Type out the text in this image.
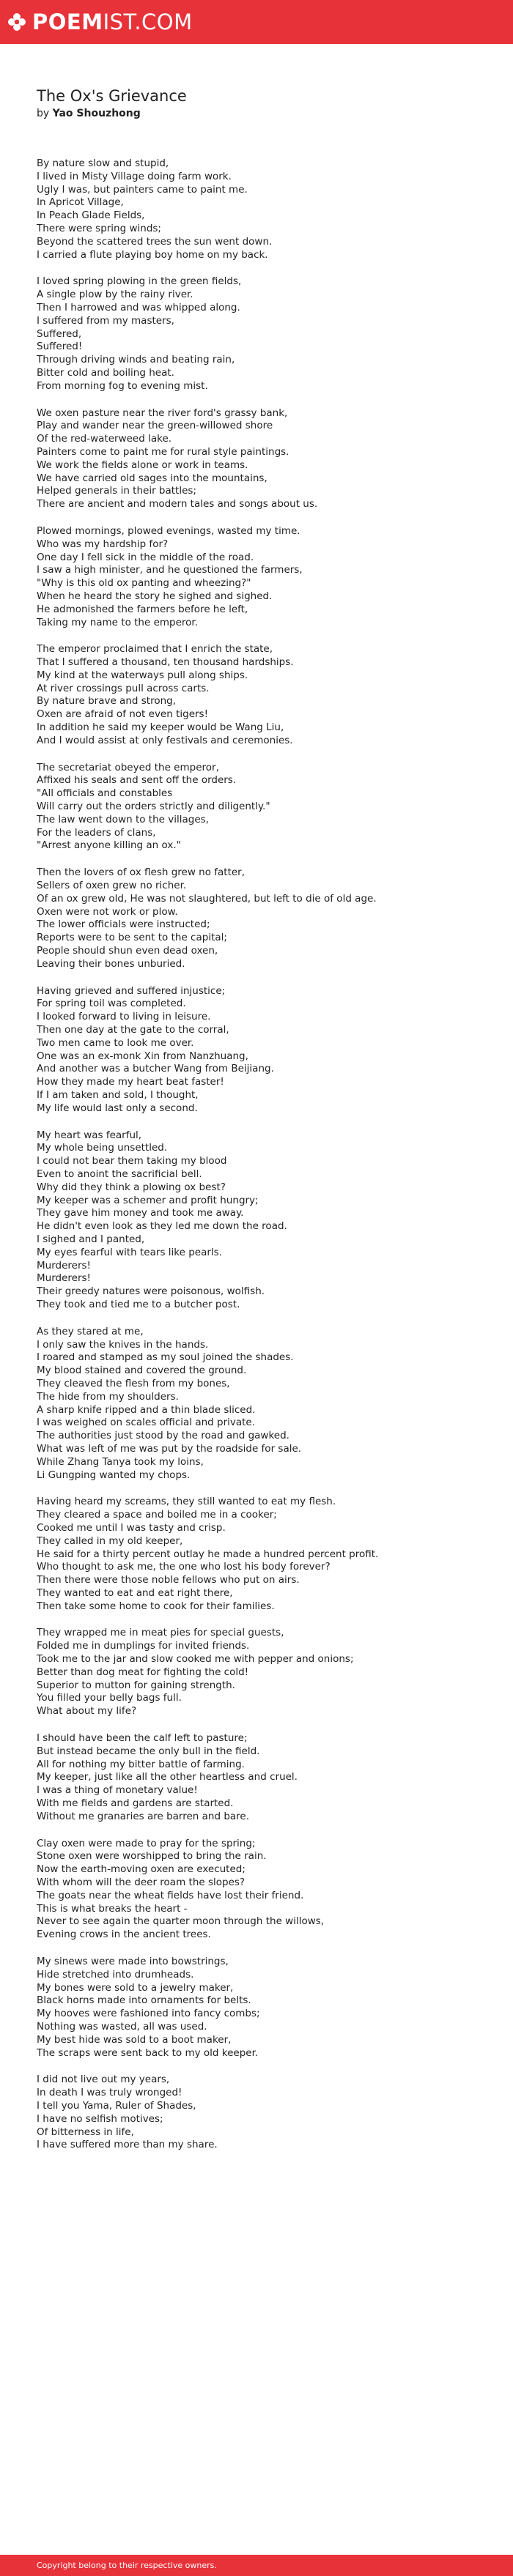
POEMIST.COM
The Ox's Grievance
by Yao Shouzhong
By nature slow and stupid,
I lived in Misty Village doing farm work.
Ugly I was, but painters came to paint me.
In Apricot Village,
In Peach Glade Fields,
There were spring winds;
Beyond the scattered trees the sun went down.
I carried a flute playing boy home on my back.
I loved spring plowing in the green fields,
A single plow by the rainy river.
Then I harrowed and was whipped along.
I suffered from my masters,
Suffered,
Suffered!
Through driving winds and beating rain,
Bitter cold and boiling heat.
From morning fog to evening mist.
We oxen pasture near the river ford's grassy bank,
Play and wander near the green-willowed shore
Of the red-waterweed lake.
Painters come to paint me for rural style paintings.
We work the fields alone or work in teams.
We have carried old sages into the mountains,
Helped generals in their battles;
There are ancient and modern tales and songs about us.
Plowed mornings, plowed evenings, wasted my time.
Who was my hardship for?
One day I fell sick in the middle of the road.
I saw a high minister, and he questioned the farmers,
"Why is this old ox panting and wheezing?"
When he heard the story he sighed and sighed.
He admonished the farmers before he left,
Taking my name to the emperor.
The emperor proclaimed that I enrich the state,
That I suffered a thousand, ten thousand hardships.
My kind at the waterways pull along ships.
At river crossings pull across carts.
By nature brave and strong,
Oxen are afraid of not even tigers!
In addition he said my keeper would be Wang Liu,
And I would assist at only festivals and ceremonies.
The secretariat obeyed the emperor,
Affixed his seals and sent off the orders.
"All officials and constables
Will carry out the orders strictly and diligently."
The law went down to the villages,
For the leaders of clans,
"Arrest anyone killing an ox."
Then the lovers of ox flesh grew no fatter,
Sellers of oxen grew no richer.
Of an ox grew old, He was not slaughtered, but left to die of old age.
Oxen were not work or plow.
The lower officials were instructed;
Reports were to be sent to the capital;
People should shun even dead oxen,
Leaving their bones unburied.
Having grieved and suffered injustice;
For spring toil was completed.
I looked forward to living in leisure.
Then one day at the gate to the corral,
Two men came to look me over.
One was an ex-monk Xin from Nanzhuang,
And another was a butcher Wang from Beijiang.
How they made my heart beat faster!
If I am taken and sold, I thought,
My life would last only a second.
My heart was fearful,
My whole being unsettled.
I could not bear them taking my blood
Even to anoint the sacrificial bell.
Why did they think a plowing ox best?
My keeper was a schemer and profit hungry;
They gave him money and took me away.
He didn't even look as they led me down the road.
I sighed and I panted,
My eyes fearful with tears like pearls.
Murderers!
Murderers!
Their greedy natures were poisonous, wolfish.
They took and tied me to a butcher post.
As they stared at me,
I only saw the knives in the hands.
I roared and stamped as my soul joined the shades.
My blood stained and covered the ground.
They cleaved the flesh from my bones,
The hide from my shoulders.
A sharp knife ripped and a thin blade sliced.
I was weighed on scales official and private.
The authorities just stood by the road and gawked.
What was left of me was put by the roadside for sale.
While Zhang Tanya took my loins,
Li Gungping wanted my chops.
Having heard my screams, they still wanted to eat my flesh.
They cleared a space and boiled me in a cooker;
Cooked me until I was tasty and crisp.
They called in my old keeper,
He said for a thirty percent outlay he made a hundred percent profit.
Who thought to ask me, the one who lost his body forever?
Then there were those noble fellows who put on airs.
They wanted to eat and eat right there,
Then take some home to cook for their families.
They wrapped me in meat pies for special guests,
Folded me in dumplings for invited friends.
Took me to the jar and slow cooked me with pepper and onions;
Better than dog meat for fighting the cold!
Superior to mutton for gaining strength.
You filled your belly bags full.
What about my life?
I should have been the calf left to pasture;
But instead became the only bull in the field.
All for nothing my bitter battle of farming.
My keeper, just like all the other heartless and cruel.
I was a thing of monetary value!
With me fields and gardens are started.
Without me granaries are barren and bare.
Clay oxen were made to pray for the spring;
Stone oxen were worshipped to bring the rain.
Now the earth-moving oxen are executed;
With whom will the deer roam the slopes?
The goats near the wheat fields have lost their friend.
This is what breaks the heart -
Never to see again the quarter moon through the willows,
Evening crows in the ancient trees.
My sinews were made into bowstrings,
Hide stretched into drumheads.
My bones were sold to a jewelry maker,
Black horns made into ornaments for belts.
My hooves were fashioned into fancy combs;
Nothing was wasted, all was used.
My best hide was sold to a boot maker,
The scraps were sent back to my old keeper.
I did not live out my years,
In death I was truly wronged!
I tell you Yama, Ruler of Shades,
I have no selfish motives;
Of bitterness in life,
I have suffered more than my share.
Copyright belong to their respective owners.
